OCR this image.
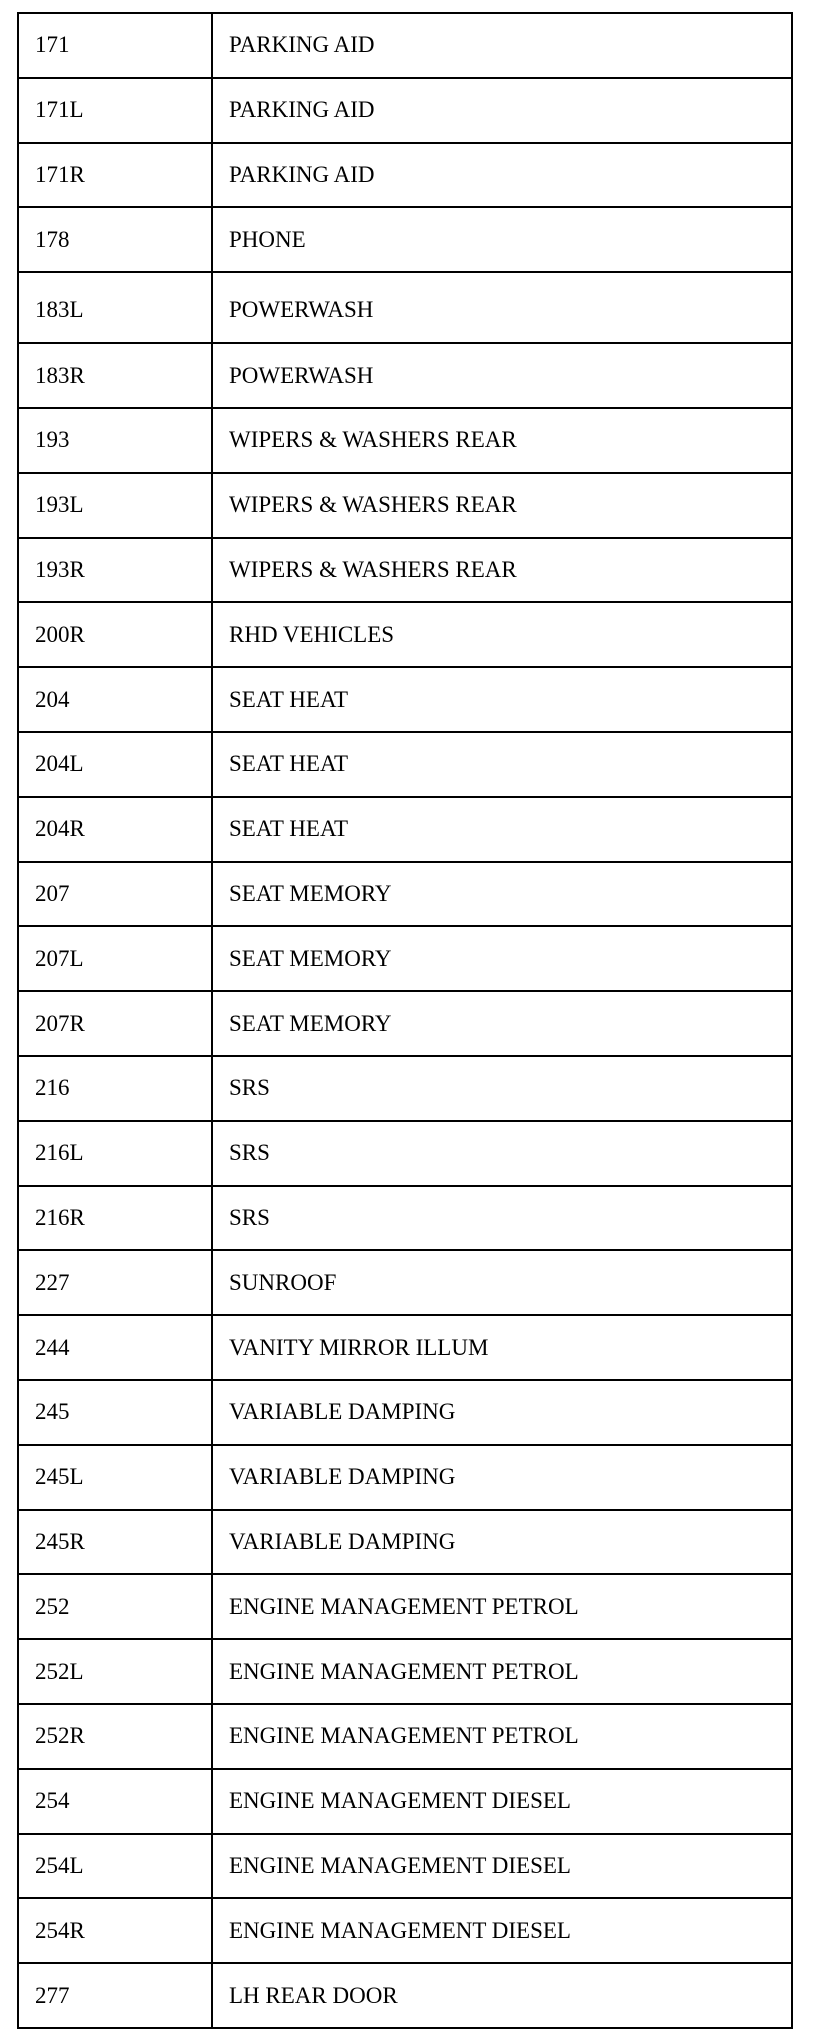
171	PARKING AID
171L	PARKING AID
171R	PARKING AID
178	PHONE
183L	POWERWASH
183R	POWERWASH
193	WIPERS & WASHERS REAR
193L	WIPERS & WASHERS REAR
193R	WIPERS & WASHERS REAR
200R	RHD VEHICLES
204	SEAT HEAT
204L	SEAT HEAT
204R	SEAT HEAT
207	SEAT MEMORY
207L	SEAT MEMORY
207R	SEAT MEMORY
216	SRS
216L	SRS
216R	SRS
227	SUNROOF
244	VANITY MIRROR ILLUM
245	VARIABLE DAMPING
245L	VARIABLE DAMPING
245R	VARIABLE DAMPING
252	ENGINE MANAGEMENT PETROL
252L	ENGINE MANAGEMENT PETROL
252R	ENGINE MANAGEMENT PETROL
254	ENGINE MANAGEMENT DIESEL
254L	ENGINE MANAGEMENT DIESEL
254R	ENGINE MANAGEMENT DIESEL
277	LH REAR DOOR
